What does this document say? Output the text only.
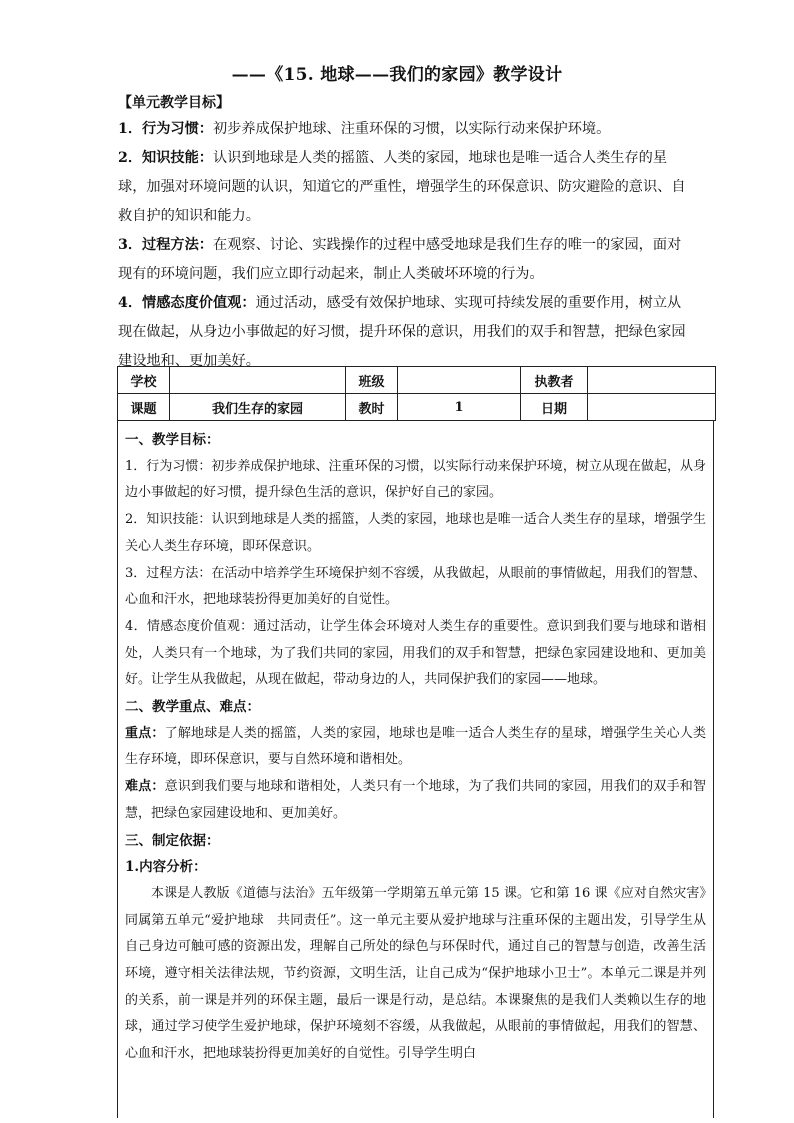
——《15. 地球——我们的家园》教学设计
【单元教学目标】
1．行为习惯：初步养成保护地球、注重环保的习惯，以实际行动来保护环境。
2．知识技能：认识到地球是人类的摇篮、人类的家园，地球也是唯一适合人类生存的星球，加强对环境问题的认识，知道它的严重性，增强学生的环保意识、防灾避险的意识、自救自护的知识和能力。
3．过程方法：在观察、讨论、实践操作的过程中感受地球是我们生存的唯一的家园，面对现有的环境问题，我们应立即行动起来，制止人类破坏环境的行为。
4．情感态度价值观：通过活动，感受有效保护地球、实现可持续发展的重要作用，树立从现在做起，从身边小事做起的好习惯，提升环保的意识，用我们的双手和智慧，把绿色家园建设地和、更加美好。
学校		班级		执教者	
课题	我们生存的家园	教时	1	日期	
一、教学目标：
1．行为习惯：初步养成保护地球、注重环保的习惯，以实际行动来保护环境，树立从现在做起，从身边小事做起的好习惯，提升绿色生活的意识，保护好自己的家园。
2．知识技能：认识到地球是人类的摇篮，人类的家园，地球也是唯一适合人类生存的星球，增强学生关心人类生存环境，即环保意识。
3．过程方法：在活动中培养学生环境保护刻不容缓，从我做起，从眼前的事情做起，用我们的智慧、心血和汗水，把地球装扮得更加美好的自觉性。
4．情感态度价值观：通过活动，让学生体会环境对人类生存的重要性。意识到我们要与地球和谐相处，人类只有一个地球，为了我们共同的家园，用我们的双手和智慧，把绿色家园建设地和、更加美好。让学生从我做起，从现在做起，带动身边的人，共同保护我们的家园——地球。
二、教学重点、难点：
重点：了解地球是人类的摇篮，人类的家园，地球也是唯一适合人类生存的星球，增强学生关心人类生存环境，即环保意识，要与自然环境和谐相处。
难点：意识到我们要与地球和谐相处，人类只有一个地球，为了我们共同的家园，用我们的双手和智慧，把绿色家园建设地和、更加美好。
三、制定依据：
1.内容分析：
本课是人教版《道德与法治》五年级第一学期第五单元第 15 课。它和第 16 课《应对自然灾害》同属第五单元“爱护地球　共同责任”。这一单元主要从爱护地球与注重环保的主题出发，引导学生从自己身边可触可感的资源出发，理解自己所处的绿色与环保时代，通过自己的智慧与创造，改善生活环境，遵守相关法律法规，节约资源，文明生活，让自己成为“保护地球小卫士”。本单元二课是并列的关系，前一课是并列的环保主题，最后一课是行动，是总结。本课聚焦的是我们人类赖以生存的地球，通过学习使学生爱护地球，保护环境刻不容缓，从我做起，从眼前的事情做起，用我们的智慧、心血和汗水，把地球装扮得更加美好的自觉性。引导学生明白
